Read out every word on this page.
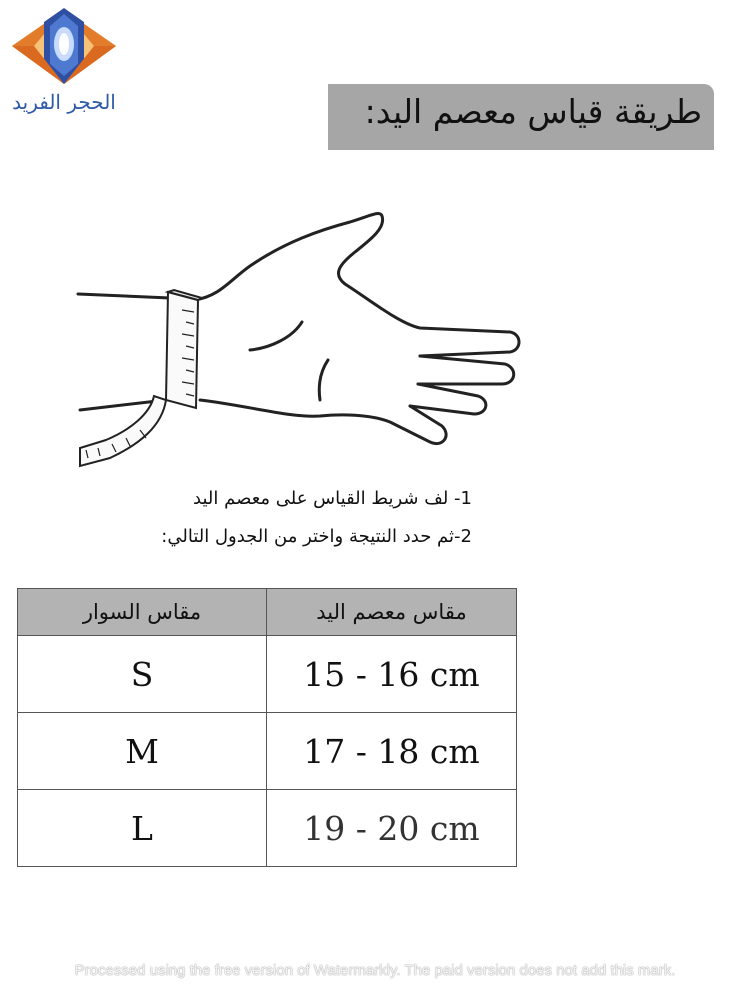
الحجر الفريد	طريقة قياس معصم اليد:
1- لف شريط القياس على معصم اليد
2-ثم حدد النتيجة واختر من الجدول التالي:
مقاس السوار	مقاس معصم اليد
S	15 - 16 cm
M	17 - 18 cm
L	19 - 20 cm
Processed using the free version of Watermarkly. The paid version does not add this mark.
